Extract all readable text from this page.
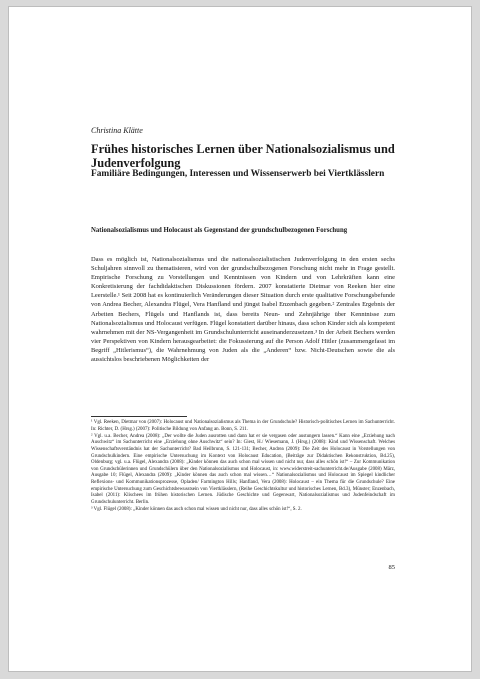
Christina Klätte

Frühes historisches Lernen über Nationalsozialismus und Judenverfolgung
Familiäre Bedingungen, Interessen und Wissenserwerb bei Viertklässlern
Nationalsozialismus und Holocaust als Gegenstand der grundschulbezogenen Forschung

Dass es möglich ist, Nationalsozialismus und die nationalsozialistischen Judenverfolgung in den ersten sechs Schuljahren sinnvoll zu thematisieren, wird von der grundschulbezogenen Forschung nicht mehr in Frage gestellt. Empirische Forschung zu Vorstellungen und Kenntnissen von Kindern und von Lehrkräften kann eine Konkretisierung der fachdidaktischen Diskussionen fördern. 2007 konstatierte Dietmar von Reeken hier eine Leerstelle.¹ Seit 2008 hat es kontinuierlich Veränderungen dieser Situation durch erste qualitative Forschungsbefunde von Andrea Becher, Alexandra Flügel, Vera Hanfland und jüngst Isabel Enzenbach gegeben.² Zentrales Ergebnis der Arbeiten Bechers, Flügels und Hanflands ist, dass bereits Neun- und Zehnjährige über Kenntnisse zum Nationalsozialismus und Holocaust verfügen. Flügel konstatiert darüber hinaus, dass schon Kinder sich als kompetent wahrnehmen mit der NS-Vergangenheit im Grundschulunterricht auseinanderzusetzen.³ In der Arbeit Bechers werden vier Perspektiven von Kindern herausgearbeitet: die Fokussierung auf die Person Adolf Hitler (zusammengefasst im Begriff „Hitlerismus“), die Wahrnehmung von Juden als die „Anderen“ bzw. Nicht-Deutschen sowie die als aussichtslos beschriebenen Möglichkeiten der

¹ Vgl. Reeken, Dietmar von (2007): Holocaust und Nationalsozialismus als Thema in der Grundschule? Historisch-politisches Lernen im Sachunterricht. In: Richter, D. (Hrsg.) (2007): Politische Bildung von Anfang an. Bonn, S. 211.

² Vgl. u.a. Becher, Andrea (2008): „Der wollte die Juden ausrotten und dann hat er sie vergasen oder austungern lassen.“ Kann eine „Erziehung nach Auschwitz“ im Sachunterricht eine „Erziehung ohne Auschwitz“ sein? In: Giest, H./ Wiesemann, J. (Hrsg.) (2008): Kind und Wissenschaft. Welches Wissenschaftsverständnis hat der Sachunterricht? Bad Heilbrunn, S. 121-131; Becher, Andrea (2009): Die Zeit des Holocaust in Vorstellungen von Grundschulkindern. Eine empirische Untersuchung im Kontext von Holocaust Education, (Beiträge zur Didaktischen Rekonstruktion, Bd.25), Oldenburg; vgl. u.a. Flügel, Alexandra (2008): „Kinder können das auch schon mal wissen und nicht nur, dass alles schön ist!“ – Zur Kommunikation von Grundschülerinnen und Grundschülern über den Nationalsozialismus und Holocaust, in: www.widerstreit-sachunterricht.de/Ausgabe (2008) März, Ausgabe 10; Flügel, Alexandra (2009): „Kinder können das auch schon mal wissen…“ Nationalsozialismus und Holocaust im Spiegel kindlicher Reflexions- und Kommunikationsprozesse, Opladen/ Farmington Hills; Hanfland, Vera (2008): Holocaust – ein Thema für die Grundschule? Eine empirische Untersuchung zum Geschichtsbewusstsein von Viertklässlern, (Reihe Geschichtskultur und historisches Lernen, Bd.3), Münster; Enzenbach, Isabel (2011): Klischees im frühen historischen Lernen. Jüdische Geschichte und Gegenwart, Nationalsozialismus und Judenfeindschaft im Grundschulunterricht. Berlin.

³ Vgl. Flügel (2008): „Kinder können das auch schon mal wissen und nicht nur, dass alles schön ist!“, S. 2.

85
